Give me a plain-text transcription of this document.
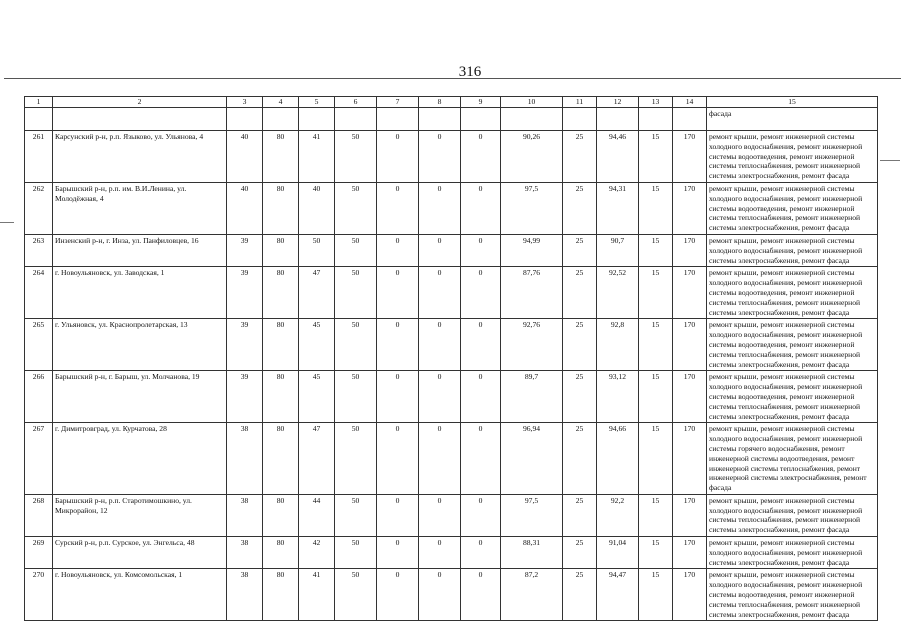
316
1	2	3	4	5	6	7	8	9	10	11	12	13	14	15
														фасада
261	Карсунский р-н, р.п. Языково, ул. Ульянова, 4	40	80	41	50	0	0	0	90,26	25	94,46	15	170	ремонт крыши, ремонт инженерной системы холодного водоснабжения, ремонт инженерной системы водоотведения, ремонт инженерной системы теплоснабжения, ремонт инженерной системы электроснабжения, ремонт фасада
262	Барышский р-н, р.п. им. В.И.Ленина, ул. Молодёжная, 4	40	80	40	50	0	0	0	97,5	25	94,31	15	170	ремонт крыши, ремонт инженерной системы холодного водоснабжения, ремонт инженерной системы водоотведения, ремонт инженерной системы теплоснабжения, ремонт инженерной системы электроснабжения, ремонт фасада
263	Инзенский р-н, г. Инза, ул. Панфиловцев, 16	39	80	50	50	0	0	0	94,99	25	90,7	15	170	ремонт крыши, ремонт инженерной системы холодного водоснабжения, ремонт инженерной системы электроснабжения, ремонт фасада
264	г. Новоульяновск, ул. Заводская, 1	39	80	47	50	0	0	0	87,76	25	92,52	15	170	ремонт крыши, ремонт инженерной системы холодного водоснабжения, ремонт инженерной системы водоотведения, ремонт инженерной системы теплоснабжения, ремонт инженерной системы электроснабжения, ремонт фасада
265	г. Ульяновск, ул. Краснопролетарская, 13	39	80	45	50	0	0	0	92,76	25	92,8	15	170	ремонт крыши, ремонт инженерной системы холодного водоснабжения, ремонт инженерной системы водоотведения, ремонт инженерной системы теплоснабжения, ремонт инженерной системы электроснабжения, ремонт фасада
266	Барышский р-н, г. Барыш, ул. Молчанова, 19	39	80	45	50	0	0	0	89,7	25	93,12	15	170	ремонт крыши, ремонт инженерной системы холодного водоснабжения, ремонт инженерной системы водоотведения, ремонт инженерной системы теплоснабжения, ремонт инженерной системы электроснабжения, ремонт фасада
267	г. Димитровград, ул. Курчатова, 28	38	80	47	50	0	0	0	96,94	25	94,66	15	170	ремонт крыши, ремонт инженерной системы холодного водоснабжения, ремонт инженерной системы горячего водоснабжения, ремонт инженерной системы водоотведения, ремонт инженерной системы теплоснабжения, ремонт инженерной системы электроснабжения, ремонт фасада
268	Барышский р-н, р.п. Старотимошкино, ул. Микрорайон, 12	38	80	44	50	0	0	0	97,5	25	92,2	15	170	ремонт крыши, ремонт инженерной системы холодного водоснабжения, ремонт инженерной системы теплоснабжения, ремонт инженерной системы электроснабжения, ремонт фасада
269	Сурский р-н, р.п. Сурское, ул. Энгельса, 48	38	80	42	50	0	0	0	88,31	25	91,04	15	170	ремонт крыши, ремонт инженерной системы холодного водоснабжения, ремонт инженерной системы электроснабжения, ремонт фасада
270	г. Новоульяновск, ул. Комсомольская, 1	38	80	41	50	0	0	0	87,2	25	94,47	15	170	ремонт крыши, ремонт инженерной системы холодного водоснабжения, ремонт инженерной системы водоотведения, ремонт инженерной системы теплоснабжения, ремонт инженерной системы электроснабжения, ремонт фасада
